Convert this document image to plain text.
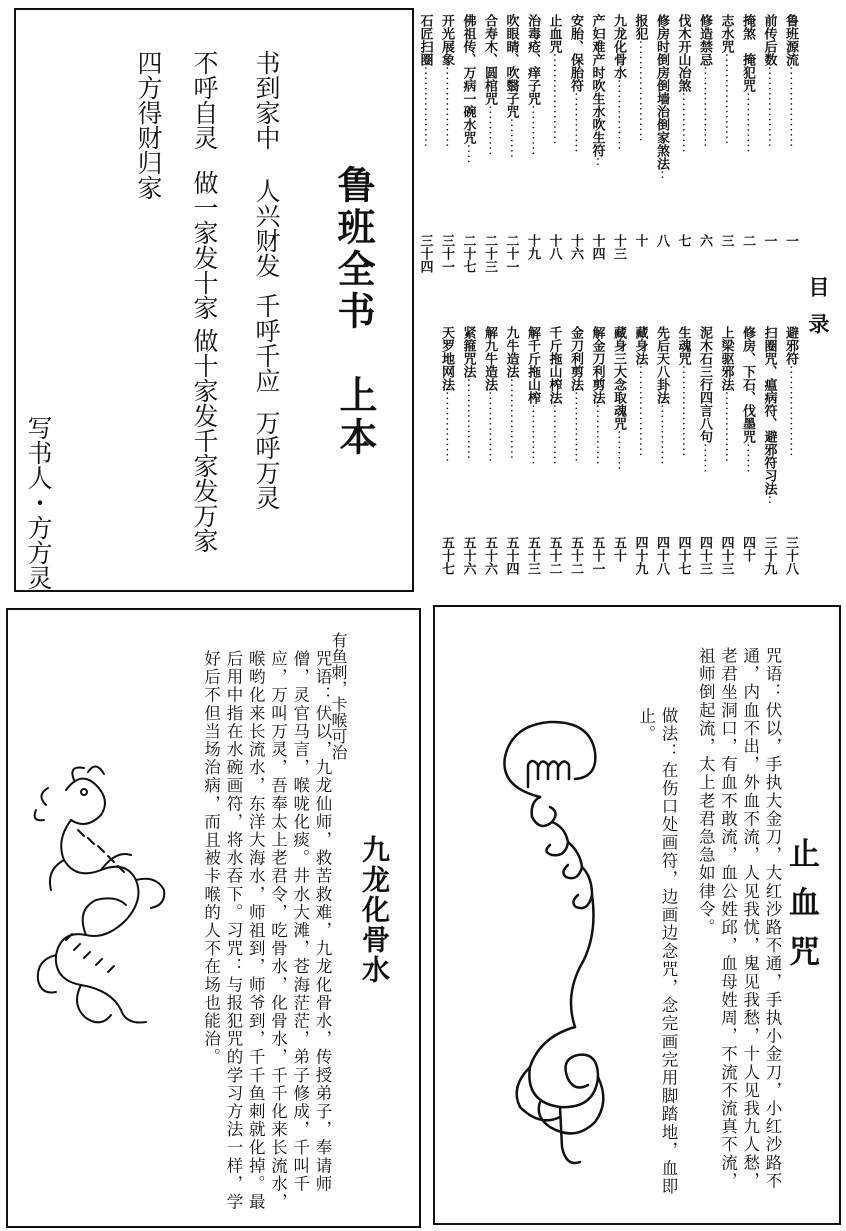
鲁班全书
上本
书到家中
人兴财发
千呼千应
万呼万灵
不呼自灵
做一家发十家
做十家发千家发万家
四方得财归家
写书人・方方灵
目录
鲁班源流················
一
前传后数················
一
掩煞　掩犯咒············
二
志水咒··················
三
修造禁忌················
六
伐木开山冶煞············
七
修房时倒房倒墙治倒家煞法··
八
报犯····················
十
九龙化骨水··············
十三
产妇难产时吹生水吹生符··
十四
安胎、保胎符············
十六
止血咒··················
十八
治毒疮、痒子咒··········
十九
吹眼睛、吹翳子咒········
二十一
合寿木、圆棺咒··········
二十三
佛祖传、万病一碗水咒····
二十七
开光展象················
三十一
石匠扫圈················
三十四
避邪符··················
三十八
扫圈咒、瘟病符、避邪符习法··
三十九
修房、下石、伐墨咒······
四十
上梁驱邪法··············
四十三
泥木石三行四言八句······
四十三
生魂咒··················
四十七
先后天八卦法············
四十八
藏身法··················
四十九
藏身三大念取魂咒········
五十
解金刀利剪法············
五十一
金刀利剪法··············
五十二
千斤拖山榨法············
五十二
解千斤拖山榨············
五十三
九牛造法················
五十四
解九牛造法··············
五十六
紧箍咒法················
五十六
天罗地网法··············
五十七
九龙化骨水
有鱼刺，卡喉可治
咒语：伏以，九龙仙师，救苦救难，九龙化骨水，传授弟子，奉请师僧，灵官马言，喉咙化痰。井水大滩，苍海茫茫，弟子修成，千叫千应，万叫万灵，吾奉太上老君令，吃骨水，化骨水，千千化来长流水，喉哟化来长流水，东洋大海水，师祖到，师爷到，千千鱼刺就化掉。最后用中指在水碗画符，将水吞下。习咒：与报犯咒的学习方法一样，学好后不但当场治病，而且被卡喉的人不在场也能治。	止血咒
咒语：伏以，手执大金刀，大红沙路不通，手执小金刀，小红沙路不通，内血不出，外血不流，人见我忧，鬼见我愁，十人见我九人愁，老君坐洞口，有血不敢流，血公姓邱，血母姓周，不流不流真不流，祖师倒起流，太上老君急急如律令。
做法：在伤口处画符，边画边念咒，念完画完用脚踏地，血即止。
